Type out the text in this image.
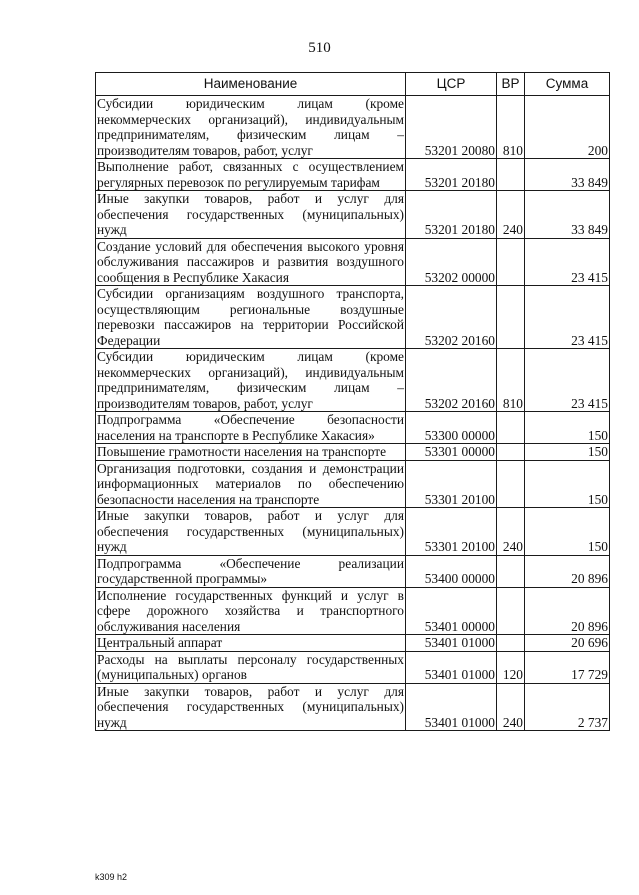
510
Наименование	ЦСР	ВР	Сумма
Субсидии юридическим лицам (кроме некоммерческих организаций), индивидуальным предпринимателям, физическим лицам – производителям товаров, работ, услуг	53201 20080	810	200
Выполнение работ, связанных с осуществлением регулярных перевозок по регулируемым тарифам	53201 20180		33 849
Иные закупки товаров, работ и услуг для обеспечения государственных (муниципальных) нужд	53201 20180	240	33 849
Создание условий для обеспечения высокого уровня обслуживания пассажиров и развития воздушного сообщения в Республике Хакасия	53202 00000		23 415
Субсидии организациям воздушного транспорта, осуществляющим региональные воздушные перевозки пассажиров на территории Российской Федерации	53202 20160		23 415
Субсидии юридическим лицам (кроме некоммерческих организаций), индивидуальным предпринимателям, физическим лицам – производителям товаров, работ, услуг	53202 20160	810	23 415
Подпрограмма «Обеспечение безопасности населения на транспорте в Республике Хакасия»	53300 00000		150
Повышение грамотности населения на транспорте	53301 00000		150
Организация подготовки, создания и демонстрации информационных материалов по обеспечению безопасности населения на транспорте	53301 20100		150
Иные закупки товаров, работ и услуг для обеспечения государственных (муниципальных) нужд	53301 20100	240	150
Подпрограмма «Обеспечение реализации государственной программы»	53400 00000		20 896
Исполнение государственных функций и услуг в сфере дорожного хозяйства и транспортного обслуживания населения	53401 00000		20 896
Центральный аппарат	53401 01000		20 696
Расходы на выплаты персоналу государственных (муниципальных) органов	53401 01000	120	17 729
Иные закупки товаров, работ и услуг для обеспечения государственных (муниципальных) нужд	53401 01000	240	2 737
k309 h2
